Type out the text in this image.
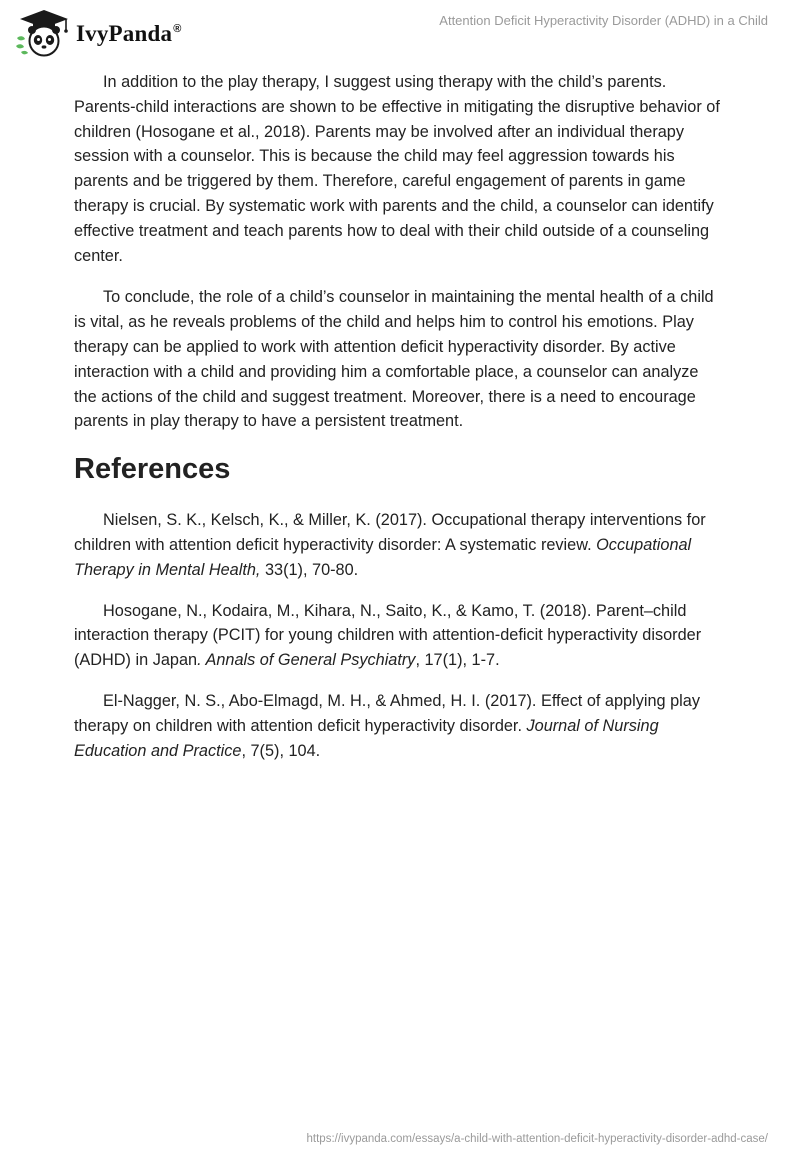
IvyPanda®
Attention Deficit Hyperactivity Disorder (ADHD) in a Child

In addition to the play therapy, I suggest using therapy with the child’s parents. Parents-child interactions are shown to be effective in mitigating the disruptive behavior of children (Hosogane et al., 2018). Parents may be involved after an individual therapy session with a counselor. This is because the child may feel aggression towards his parents and be triggered by them. Therefore, careful engagement of parents in game therapy is crucial. By systematic work with parents and the child, a counselor can identify effective treatment and teach parents how to deal with their child outside of a counseling center.

To conclude, the role of a child’s counselor in maintaining the mental health of a child is vital, as he reveals problems of the child and helps him to control his emotions. Play therapy can be applied to work with attention deficit hyperactivity disorder. By active interaction with a child and providing him a comfortable place, a counselor can analyze the actions of the child and suggest treatment. Moreover, there is a need to encourage parents in play therapy to have a persistent treatment.

References

Nielsen, S. K., Kelsch, K., & Miller, K. (2017). Occupational therapy interventions for children with attention deficit hyperactivity disorder: A systematic review. Occupational Therapy in Mental Health, 33(1), 70-80.

Hosogane, N., Kodaira, M., Kihara, N., Saito, K., & Kamo, T. (2018). Parent–child interaction therapy (PCIT) for young children with attention-deficit hyperactivity disorder (ADHD) in Japan. Annals of General Psychiatry, 17(1), 1-7.

El-Nagger, N. S., Abo-Elmagd, M. H., & Ahmed, H. I. (2017). Effect of applying play therapy on children with attention deficit hyperactivity disorder. Journal of Nursing Education and Practice, 7(5), 104.

https://ivypanda.com/essays/a-child-with-attention-deficit-hyperactivity-disorder-adhd-case/
